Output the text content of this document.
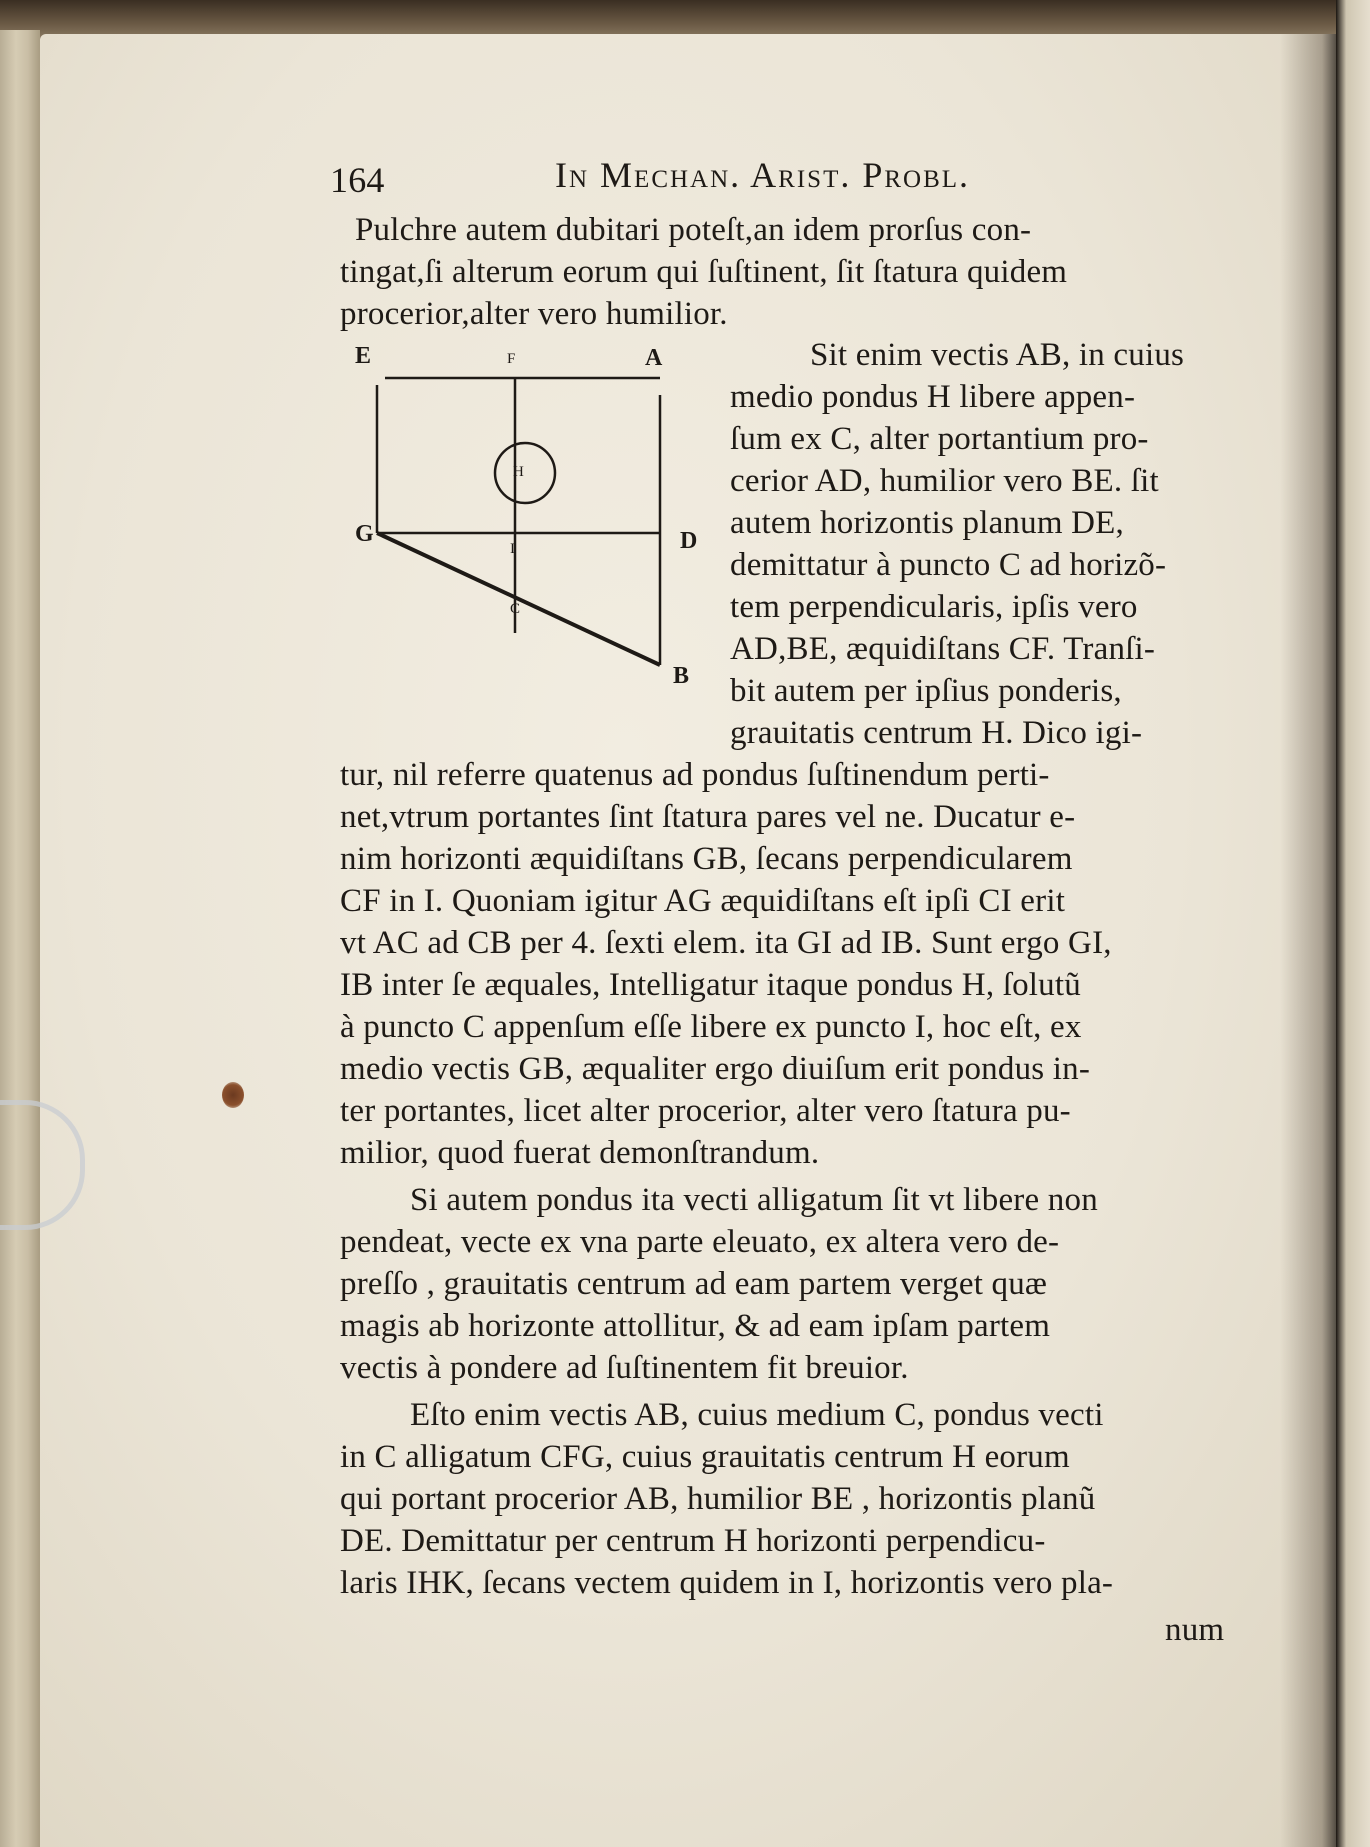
164	In Mechan. Arist. Probl.
E	A
F
H
G	D
I
C
B
Pulchre autem dubitari poteſt,an idem prorſus con-
tingat,ſi alterum eorum qui ſuſtinent, ſit ſtatura quidem
procerior,alter vero humilior.
Sit enim vectis AB, in cuius
medio pondus H libere appen-
ſum ex C, alter portantium pro-
cerior AD, humilior vero BE. ſit
autem horizontis planum DE,
demittatur à puncto C ad horizõ-
tem perpendicularis, ipſis vero
AD,BE, æquidiſtans CF. Tranſi-
bit autem per ipſius ponderis,
grauitatis centrum H. Dico igi-
tur, nil referre quatenus ad pondus ſuſtinendum perti-
net,vtrum portantes ſint ſtatura pares vel ne. Ducatur e-
nim horizonti æquidiſtans GB, ſecans perpendicularem
CF in I. Quoniam igitur AG æquidiſtans eſt ipſi CI erit
vt AC ad CB per 4. ſexti elem. ita GI ad IB. Sunt ergo GI,
IB inter ſe æquales, Intelligatur itaque pondus H, ſolutũ
à puncto C appenſum eſſe libere ex puncto I, hoc eſt, ex
medio vectis GB, æqualiter ergo diuiſum erit pondus in-
ter portantes, licet alter procerior, alter vero ſtatura pu-
milior, quod fuerat demonſtrandum.
Si autem pondus ita vecti alligatum ſit vt libere non
pendeat, vecte ex vna parte eleuato, ex altera vero de-
preſſo , grauitatis centrum ad eam partem verget quæ
magis ab horizonte attollitur, & ad eam ipſam partem
vectis à pondere ad ſuſtinentem fit breuior.
Eſto enim vectis AB, cuius medium C, pondus vecti
in C alligatum CFG, cuius grauitatis centrum H eorum
qui portant procerior AB, humilior BE , horizontis planũ
DE. Demittatur per centrum H horizonti perpendicu-
laris IHK, ſecans vectem quidem in I, horizontis vero pla-
num
